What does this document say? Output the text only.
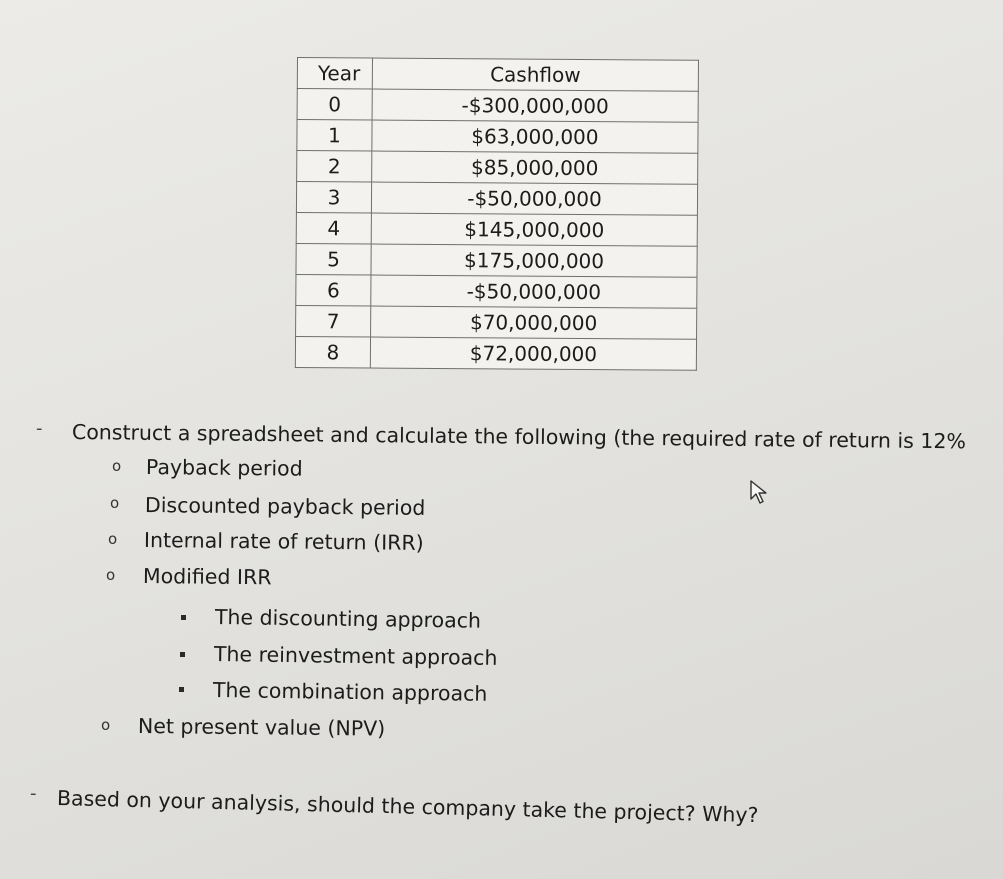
Year	Cashflow
0	-$300,000,000
1	$63,000,000
2	$85,000,000
3	-$50,000,000
4	$145,000,000
5	$175,000,000
6	-$50,000,000
7	$70,000,000
8	$72,000,000
- Construct a spreadsheet and calculate the following (the required rate of return is 12%
o Payback period
o Discounted payback period
o Internal rate of return (IRR)
o Modified IRR
The discounting approach
The reinvestment approach
The combination approach
o Net present value (NPV)
- Based on your analysis, should the company take the project? Why?
